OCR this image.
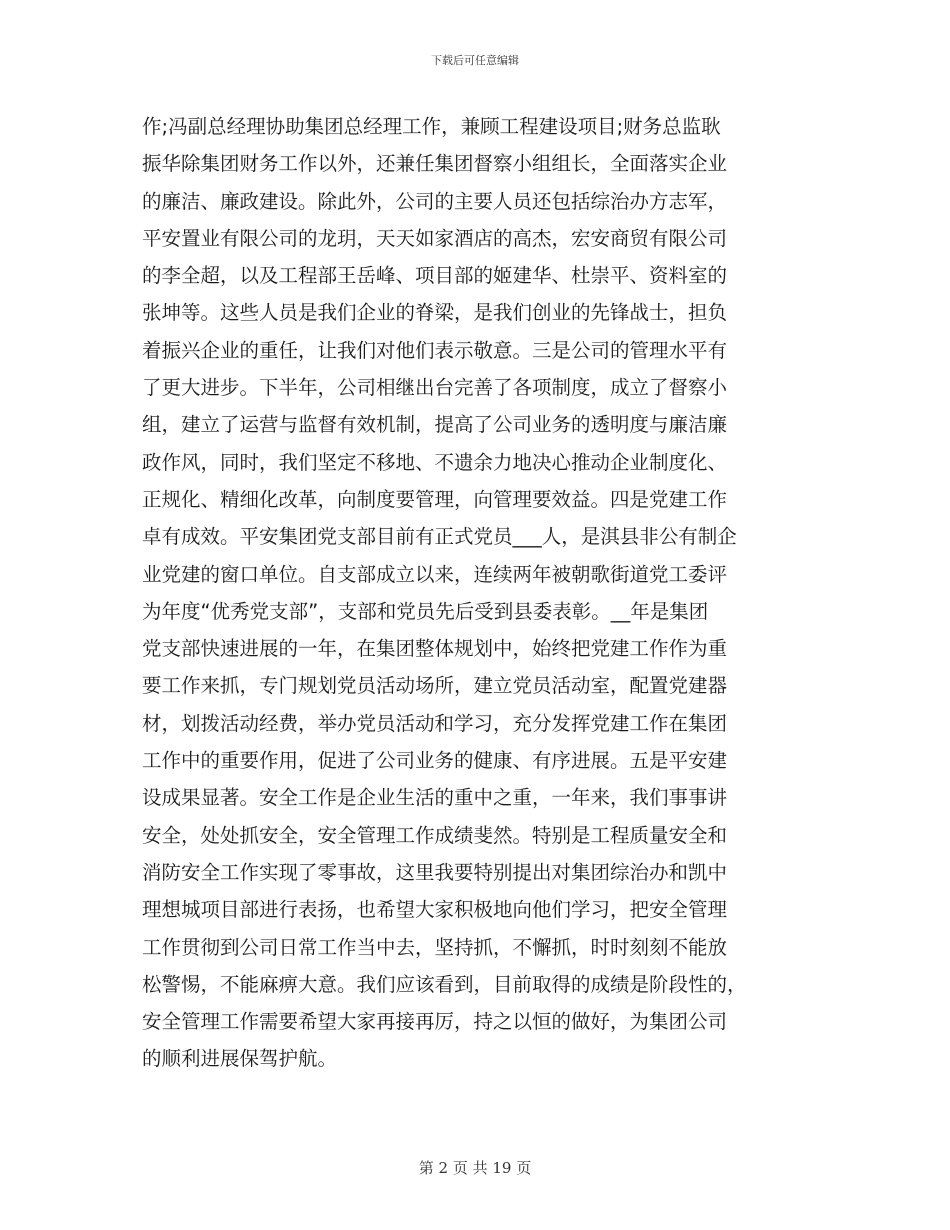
下载后可任意编辑
作;冯副总经理协助集团总经理工作，兼顾工程建设项目;财务总监耿
振华除集团财务工作以外，还兼任集团督察小组组长，全面落实企业
的廉洁、廉政建设。除此外，公司的主要人员还包括综治办方志军，
平安置业有限公司的龙玥，天天如家酒店的高杰，宏安商贸有限公司
的李全超，以及工程部王岳峰、项目部的姬建华、杜崇平、资料室的
张坤等。这些人员是我们企业的脊梁，是我们创业的先锋战士，担负
着振兴企业的重任，让我们对他们表示敬意。三是公司的管理水平有
了更大进步。下半年，公司相继出台完善了各项制度，成立了督察小
组，建立了运营与监督有效机制，提高了公司业务的透明度与廉洁廉
政作风，同时，我们坚定不移地、不遗余力地决心推动企业制度化、
正规化、精细化改革，向制度要管理，向管理要效益。四是党建工作
卓有成效。平安集团党支部目前有正式党员___人，是淇县非公有制企
业党建的窗口单位。自支部成立以来，连续两年被朝歌街道党工委评
为年度“优秀党支部”，支部和党员先后受到县委表彰。__年是集团
党支部快速进展的一年，在集团整体规划中，始终把党建工作作为重
要工作来抓，专门规划党员活动场所，建立党员活动室，配置党建器
材，划拨活动经费，举办党员活动和学习，充分发挥党建工作在集团
工作中的重要作用，促进了公司业务的健康、有序进展。五是平安建
设成果显著。安全工作是企业生活的重中之重，一年来，我们事事讲
安全，处处抓安全，安全管理工作成绩斐然。特别是工程质量安全和
消防安全工作实现了零事故，这里我要特别提出对集团综治办和凯中
理想城项目部进行表扬，也希望大家积极地向他们学习，把安全管理
工作贯彻到公司日常工作当中去，坚持抓，不懈抓，时时刻刻不能放
松警惕，不能麻痹大意。我们应该看到，目前取得的成绩是阶段性的，
安全管理工作需要希望大家再接再厉，持之以恒的做好，为集团公司
的顺利进展保驾护航。
第 2 页 共 19 页
